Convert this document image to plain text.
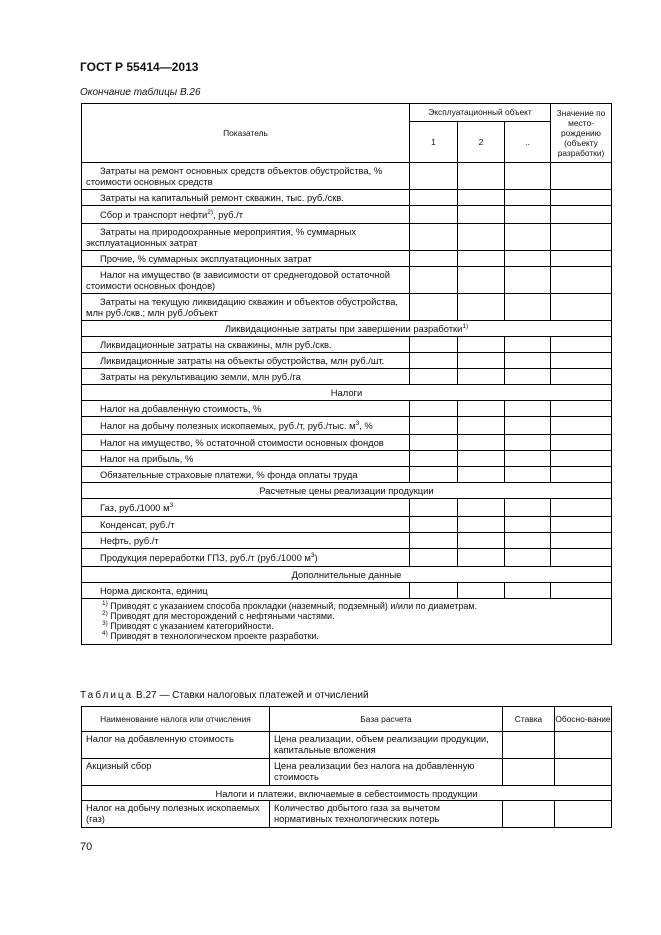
ГОСТ Р 55414—2013
Окончание таблицы В.26
Показатель	Эксплуатационный объект			Значение по место-рождению (объекту разработки)
	1	2	..	

Затраты на ремонт основных средств объектов обустройства, % стоимости основных средств				

Затраты на капитальный ремонт скважин, тыс. руб./скв.				

Сбор и транспорт нефти$^{2)}$, руб./т				

Затраты на природоохранные мероприятия, % суммарных эксплуатационных затрат				

Прочие, % суммарных эксплуатационных затрат				

Налог на имущество (в зависимости от среднегодовой остаточной стоимости основных фондов)				

Затраты на текущую ликвидацию скважин и объектов обустройства, млн руб./скв.; млн руб./объект				

Ликвидационные затраты при завершении разработки$^{1)}$

Ликвидационные затраты на скважины, млн руб./скв.				

Ликвидационные затраты на объекты обустройства, млн руб./шт.				

Затраты на рекультивацию земли, млн руб./га				

Налоги				

Налог на добавленную стоимость, %				

Налог на добычу полезных ископаемых, руб./т, руб./тыс. $м^3$, %				

Налог на имущество, % остаточной стоимости основных фондов				

Налог на прибыль, %				

Обязательные страховые платежи, % фонда оплаты труда				

Расчетные цены реализации продукции				

Газ, руб./1000 $м^3$

Конденсат, руб./т				

Нефть, руб./т				

Продукция переработки ГПЗ, руб./т (руб./1000 $м^3$)				

Дополнительные данные				

Норма дисконта, единиц				

$^{1)}$ Приводят с указанием способа прокладки (наземный, подземный) и/или по диаметрам.
$^{2)}$ Приводят для месторождений с нефтяными частями.
$^{3)}$ Приводят с указанием категорийности.
$^{4)}$ Приводят в технологическом проекте разработки.				
Таблица В.27 — Ставки налоговых платежей и отчислений
Наименование налога или отчисления	База расчета	Ставка	Обосно-вание
Налог на добавленную стоимость	Цена реализации, объем реализации продукции, капитальные вложения		
Акцизный сбор	Цена реализации без налога на добавленную стоимость		
Налоги и платежи, включаемые в себестоимость продукции			
Налог на добычу полезных ископаемых (газ)	Количество добытого газа за вычетом нормативных технологических потерь		
70
